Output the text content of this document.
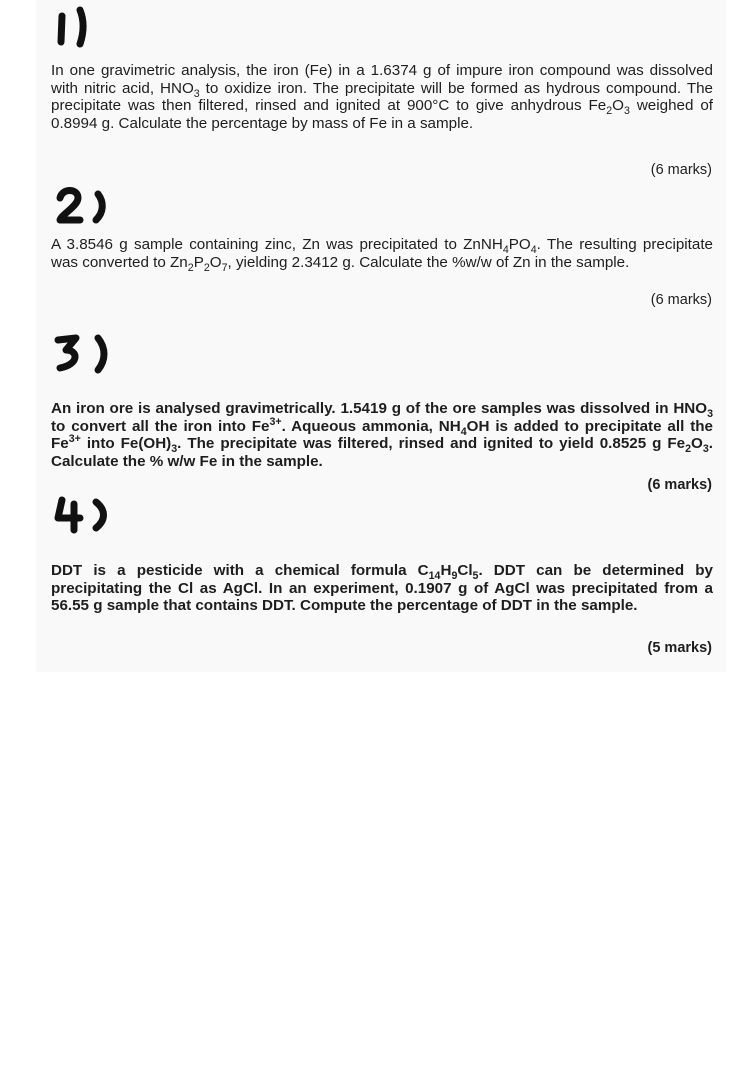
In one gravimetric analysis, the iron (Fe) in a 1.6374 g of impure iron compound was dissolved with nitric acid, $HNO_3$ to oxidize iron. The precipitate will be formed as hydrous compound. The precipitate was then filtered, rinsed and ignited at 900°C to give anhydrous $Fe_2O_3$ weighed of 0.8994 g. Calculate the percentage by mass of Fe in a sample.
(6 marks)
A 3.8546 g sample containing zinc, Zn was precipitated to $ZnNH_4PO_4$. The resulting precipitate was converted to $Zn_2P_2O_7$, yielding 2.3412 g. Calculate the %w/w of Zn in the sample.
(6 marks)
An iron ore is analysed gravimetrically. 1.5419 g of the ore samples was dissolved in $HNO_3$ to convert all the iron into $Fe^{3+}$. Aqueous ammonia, $NH_4OH$ is added to precipitate all the $Fe^{3+}$ into $Fe(OH)_3$. The precipitate was filtered, rinsed and ignited to yield 0.8525 g $Fe_2O_3$. Calculate the % w/w Fe in the sample.
(6 marks)
DDT is a pesticide with a chemical formula $C_{14}H_9Cl_5$. DDT can be determined by precipitating the Cl as AgCl. In an experiment, 0.1907 g of AgCl was precipitated from a 56.55 g sample that contains DDT. Compute the percentage of DDT in the sample.
(5 marks)
